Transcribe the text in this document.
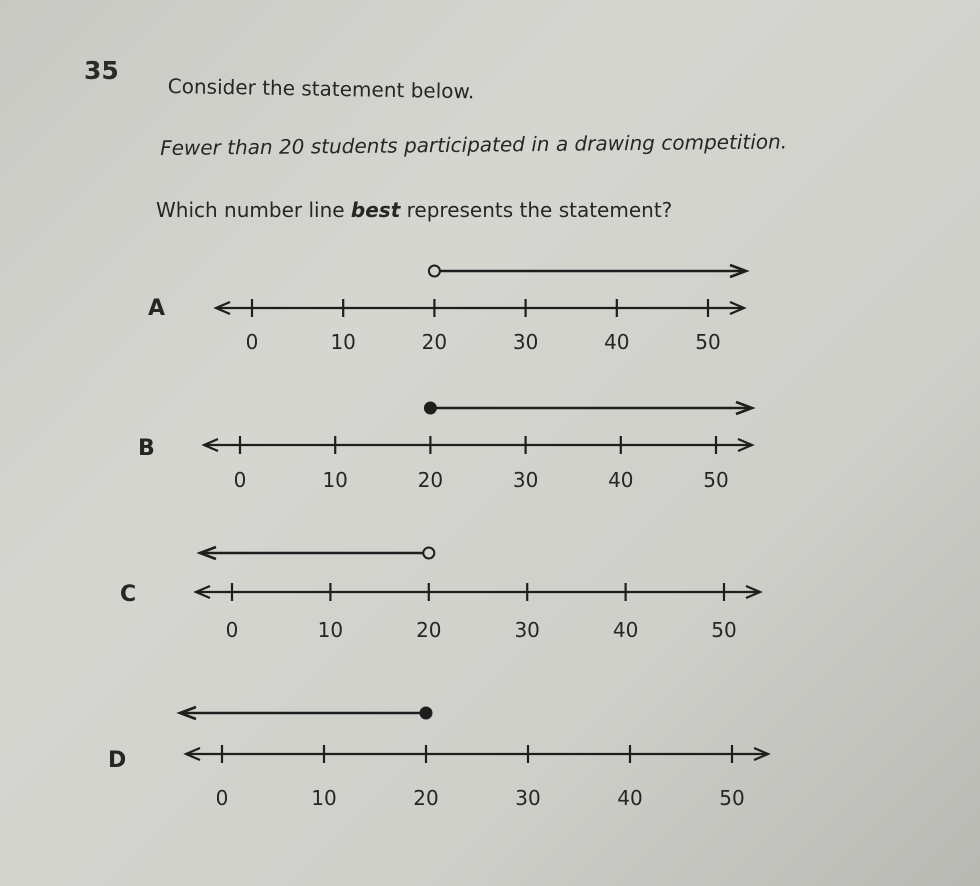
35
Consider the statement below.
Fewer than 20 students participated in a drawing competition.
Which number line best represents the statement?
A
B
C
D
0	10	20	30	40	50
0	10	20	30	40	50
0	10	20	30	40	50
0	10	20	30	40	50
